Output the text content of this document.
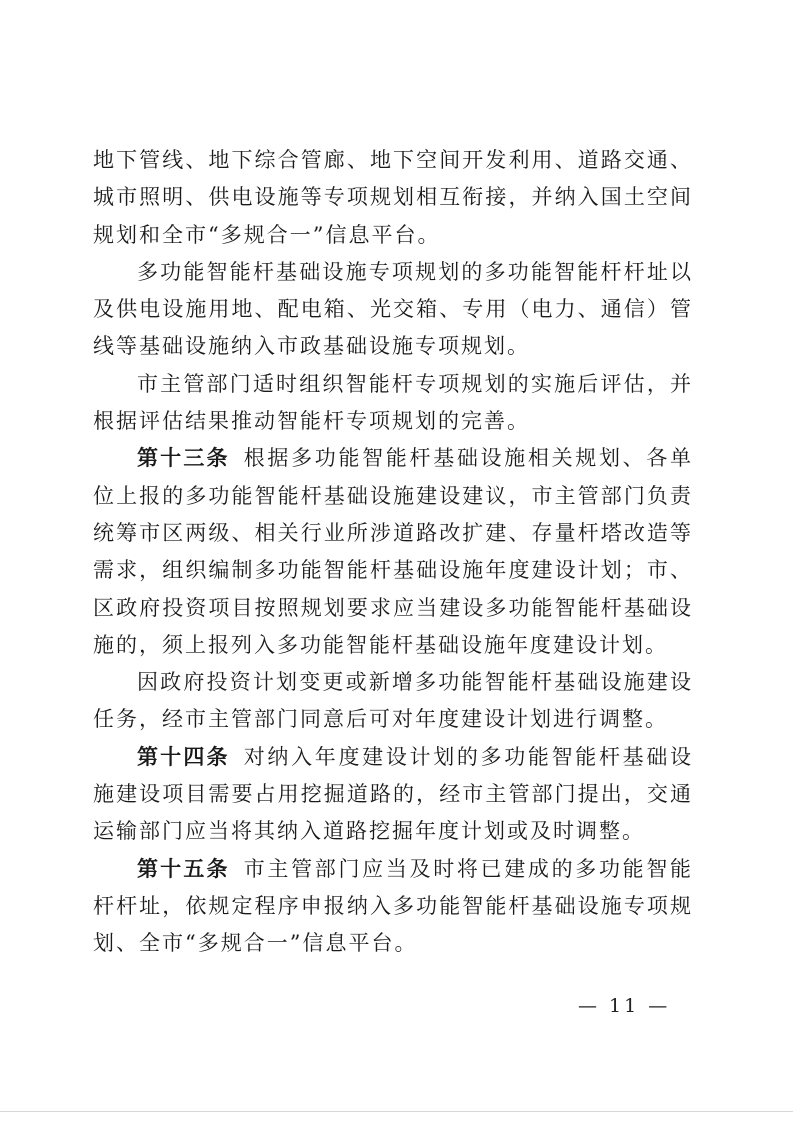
地下管线、地下综合管廊、地下空间开发利用、道路交通、城市照明、供电设施等专项规划相互衔接，并纳入国土空间规划和全市“多规合一”信息平台。

多功能智能杆基础设施专项规划的多功能智能杆杆址以及供电设施用地、配电箱、光交箱、专用（电力、通信）管线等基础设施纳入市政基础设施专项规划。

市主管部门适时组织智能杆专项规划的实施后评估，并根据评估结果推动智能杆专项规划的完善。

第十三条 根据多功能智能杆基础设施相关规划、各单位上报的多功能智能杆基础设施建设建议，市主管部门负责统筹市区两级、相关行业所涉道路改扩建、存量杆塔改造等需求，组织编制多功能智能杆基础设施年度建设计划；市、区政府投资项目按照规划要求应当建设多功能智能杆基础设施的，须上报列入多功能智能杆基础设施年度建设计划。

因政府投资计划变更或新增多功能智能杆基础设施建设任务，经市主管部门同意后可对年度建设计划进行调整。

第十四条 对纳入年度建设计划的多功能智能杆基础设施建设项目需要占用挖掘道路的，经市主管部门提出，交通运输部门应当将其纳入道路挖掘年度计划或及时调整。

第十五条 市主管部门应当及时将已建成的多功能智能杆杆址，依规定程序申报纳入多功能智能杆基础设施专项规划、全市“多规合一”信息平台。

— 11 —
